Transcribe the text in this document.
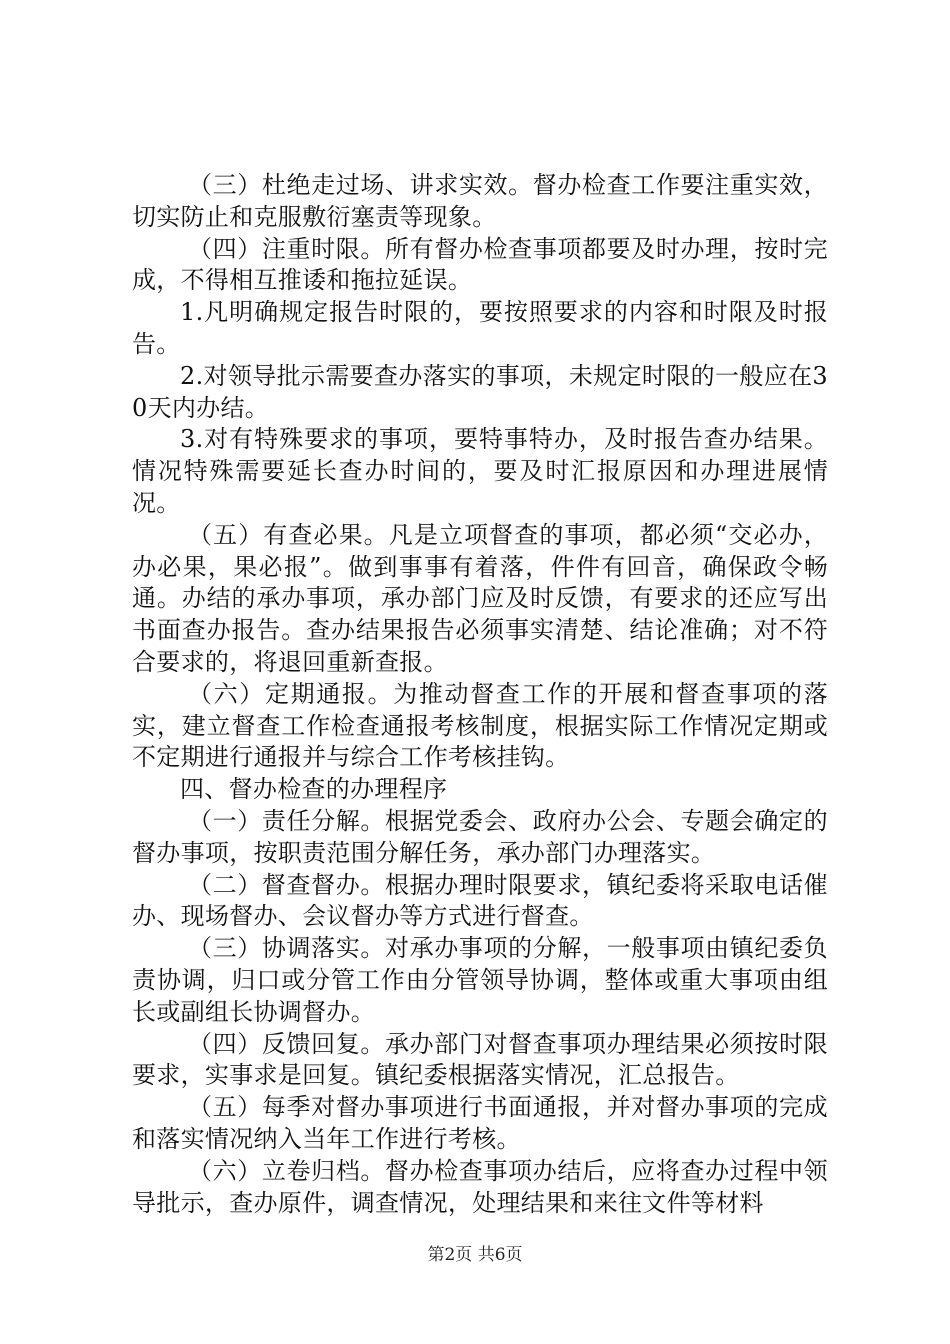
（三）杜绝走过场、讲求实效。督办检查工作要注重实效，切实防止和克服敷衍塞责等现象。

（四）注重时限。所有督办检查事项都要及时办理，按时完成，不得相互推诿和拖拉延误。

1.凡明确规定报告时限的，要按照要求的内容和时限及时报告。

2.对领导批示需要查办落实的事项，未规定时限的一般应在30天内办结。

3.对有特殊要求的事项，要特事特办，及时报告查办结果。情况特殊需要延长查办时间的，要及时汇报原因和办理进展情况。

（五）有查必果。凡是立项督查的事项，都必须“交必办，办必果，果必报”。做到事事有着落，件件有回音，确保政令畅通。办结的承办事项，承办部门应及时反馈，有要求的还应写出书面查办报告。查办结果报告必须事实清楚、结论准确；对不符合要求的，将退回重新查报。

（六）定期通报。为推动督查工作的开展和督查事项的落实，建立督查工作检查通报考核制度，根据实际工作情况定期或不定期进行通报并与综合工作考核挂钩。

四、督办检查的办理程序

（一）责任分解。根据党委会、政府办公会、专题会确定的督办事项，按职责范围分解任务，承办部门办理落实。

（二）督查督办。根据办理时限要求，镇纪委将采取电话催办、现场督办、会议督办等方式进行督查。

（三）协调落实。对承办事项的分解，一般事项由镇纪委负责协调，归口或分管工作由分管领导协调，整体或重大事项由组长或副组长协调督办。

（四）反馈回复。承办部门对督查事项办理结果必须按时限要求，实事求是回复。镇纪委根据落实情况，汇总报告。

（五）每季对督办事项进行书面通报，并对督办事项的完成和落实情况纳入当年工作进行考核。

（六）立卷归档。督办检查事项办结后，应将查办过程中领导批示，查办原件，调查情况，处理结果和来往文件等材料

第2页 共6页
